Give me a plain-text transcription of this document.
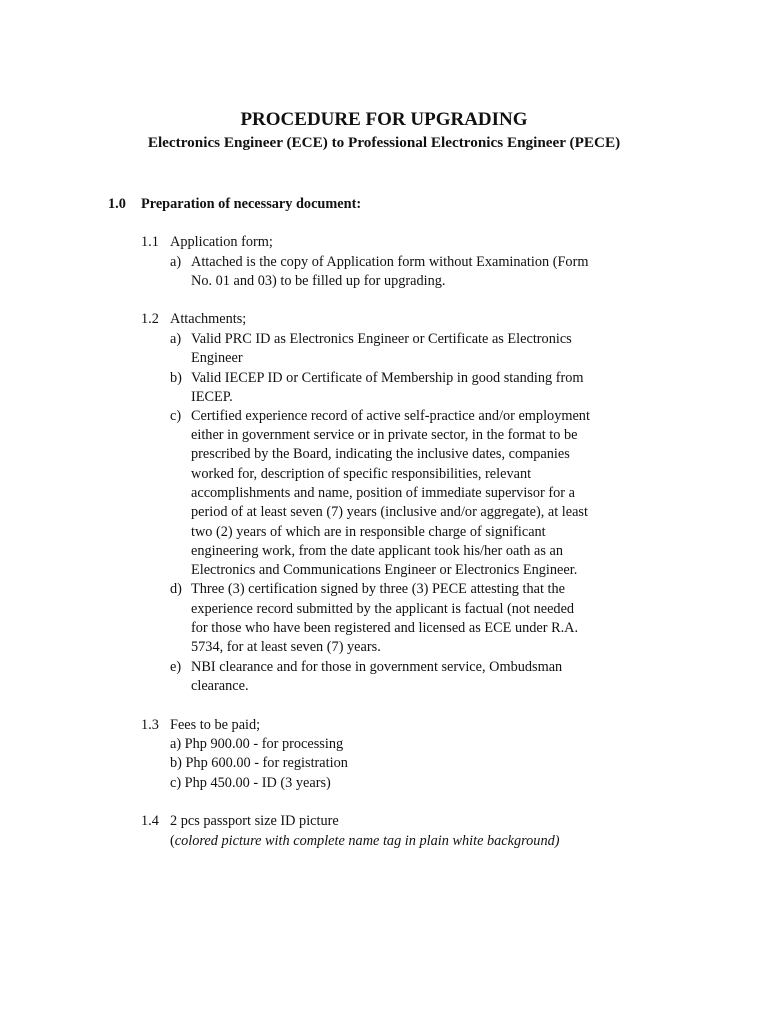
PROCEDURE FOR UPGRADING
Electronics Engineer (ECE) to Professional Electronics Engineer (PECE)
1.0 Preparation of necessary document:
1.1 Application form;
a) Attached is the copy of Application form without Examination (Form
No. 01 and 03) to be filled up for upgrading.
1.2 Attachments;
a) Valid PRC ID as Electronics Engineer or Certificate as Electronics
Engineer
b) Valid IECEP ID or Certificate of Membership in good standing from
IECEP.
c) Certified experience record of active self-practice and/or employment
either in government service or in private sector, in the format to be
prescribed by the Board, indicating the inclusive dates, companies
worked for, description of specific responsibilities, relevant
accomplishments and name, position of immediate supervisor for a
period of at least seven (7) years (inclusive and/or aggregate), at least
two (2) years of which are in responsible charge of significant
engineering work, from the date applicant took his/her oath as an
Electronics and Communications Engineer or Electronics Engineer.
d) Three (3) certification signed by three (3) PECE attesting that the
experience record submitted by the applicant is factual (not needed
for those who have been registered and licensed as ECE under R.A.
5734, for at least seven (7) years.
e) NBI clearance and for those in government service, Ombudsman
clearance.
1.3 Fees to be paid;
a) Php 900.00 - for processing
b) Php 600.00 - for registration
c) Php 450.00 - ID (3 years)
1.4 2 pcs passport size ID picture
(colored picture with complete name tag in plain white background)
